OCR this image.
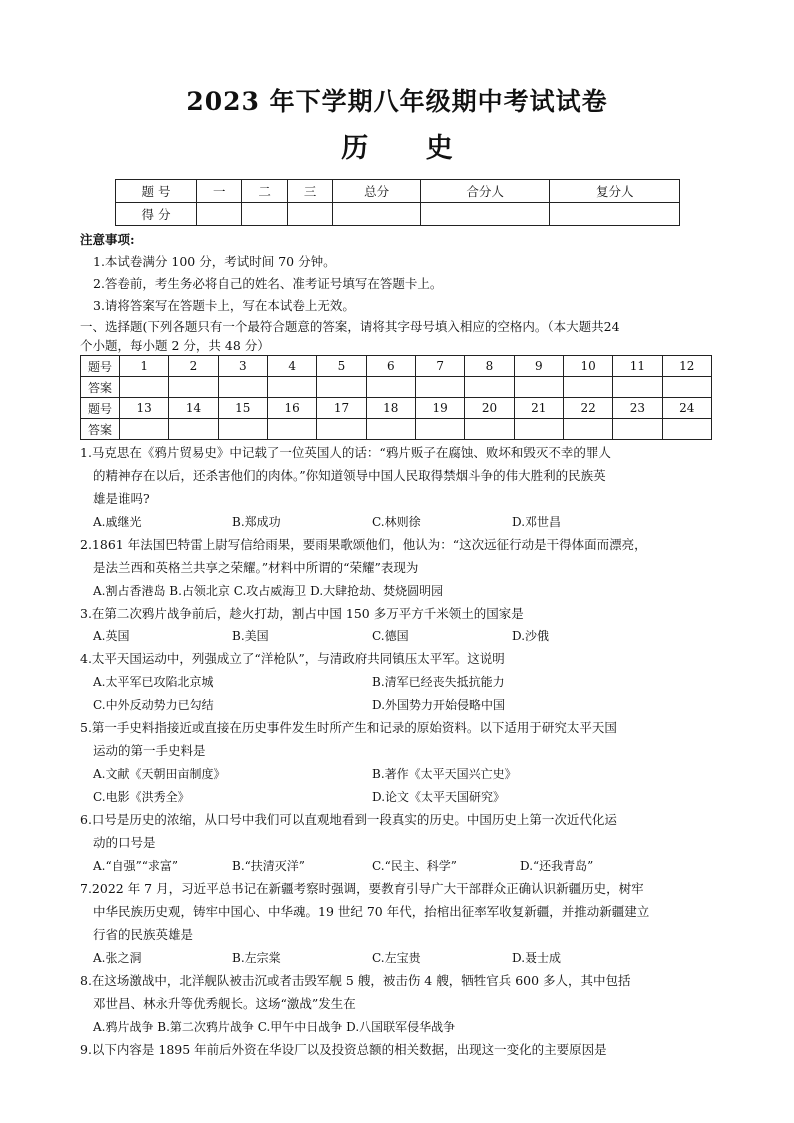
2023 年下学期八年级期中考试试卷
历 史
题 号	一	二	三	总分	合分人	复分人
得 分						
注意事项:
1.本试卷满分 100 分，考试时间 70 分钟。
2.答卷前，考生务必将自己的姓名、准考证号填写在答题卡上。
3.请将答案写在答题卡上，写在本试卷上无效。
一、选择题(下列各题只有一个最符合题意的答案，请将其字母号填入相应的空格内。（本大题共24
个小题，每小题 2 分，共 48 分）
题号	1	2	3	4	5	6	7	8	9	10	11	12
答案												
题号	13	14	15	16	17	18	19	20	21	22	23	24
答案												
1.马克思在《鸦片贸易史》中记载了一位英国人的话：“鸦片贩子在腐蚀、败坏和毁灭不幸的罪人
的精神存在以后，还杀害他们的肉体。”你知道领导中国人民取得禁烟斗争的伟大胜利的民族英
雄是谁吗?
A.戚继光	B.郑成功	C.林则徐	D.邓世昌
2.1861 年法国巴特雷上尉写信给雨果，要雨果歌颂他们，他认为：“这次远征行动是干得体面而漂亮，
是法兰西和英格兰共享之荣耀。”材料中所谓的“荣耀”表现为
A.割占香港岛 B.占领北京 C.攻占威海卫 D.大肆抢劫、焚烧圆明园
3.在第二次鸦片战争前后，趁火打劫，割占中国 150 多万平方千米领土的国家是
A.英国	B.美国	C.德国	D.沙俄
4.太平天国运动中，列强成立了“洋枪队”，与清政府共同镇压太平军。这说明
A.太平军已攻陷北京城	B.清军已经丧失抵抗能力
C.中外反动势力已勾结	D.外国势力开始侵略中国
5.第一手史料指接近或直接在历史事件发生时所产生和记录的原始资料。以下适用于研究太平天国
运动的第一手史料是
A.文献《天朝田亩制度》	B.著作《太平天国兴亡史》
C.电影《洪秀全》	D.论文《太平天国研究》
6.口号是历史的浓缩，从口号中我们可以直观地看到一段真实的历史。中国历史上第一次近代化运
动的口号是
A.“自强”“求富”	B.“扶清灭洋”	C.“民主、科学”	D.“还我青岛”
7.2022 年 7 月，习近平总书记在新疆考察时强调，要教育引导广大干部群众正确认识新疆历史，树牢
中华民族历史观，铸牢中国心、中华魂。19 世纪 70 年代，抬棺出征率军收复新疆，并推动新疆建立
行省的民族英雄是
A.张之洞	B.左宗棠	C.左宝贵	D.聂士成
8.在这场激战中，北洋舰队被击沉或者击毁军舰 5 艘，被击伤 4 艘，牺牲官兵 600 多人，其中包括
邓世昌、林永升等优秀舰长。这场“激战”发生在
A.鸦片战争 B.第二次鸦片战争 C.甲午中日战争 D.八国联军侵华战争
9.以下内容是 1895 年前后外资在华设厂以及投资总额的相关数据，出现这一变化的主要原因是
